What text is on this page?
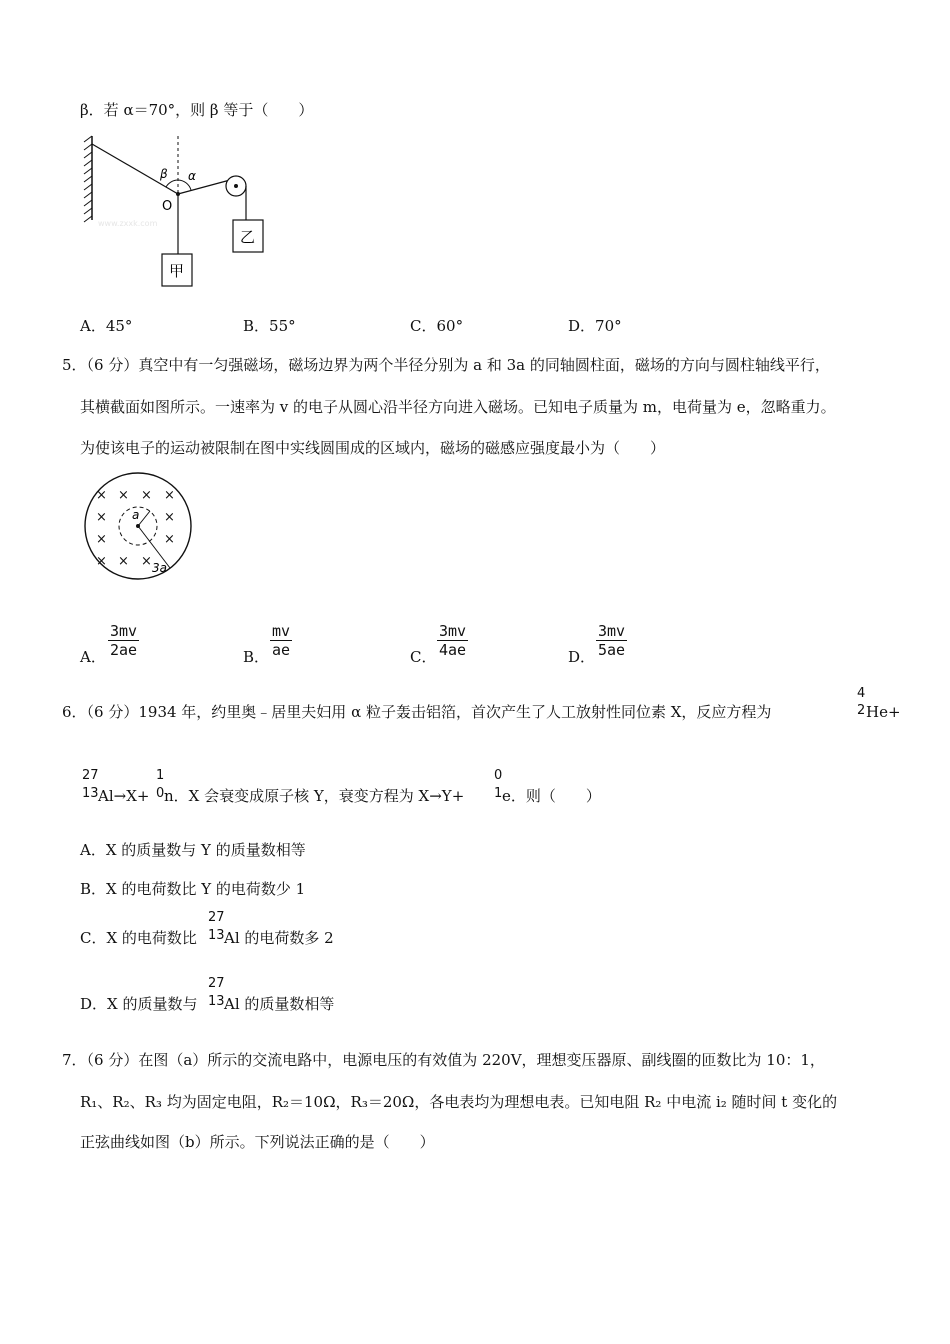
β．若 α＝70°，则 β 等于（　　）
β α
O
www.zxxk.com
乙
甲
A．45°	B．55°	C．60°	D．70°
5．（6 分）真空中有一匀强磁场，磁场边界为两个半径分别为 a 和 3a 的同轴圆柱面，磁场的方向与圆柱轴线平行，
其横截面如图所示。一速率为 v 的电子从圆心沿半径方向进入磁场。已知电子质量为 m，电荷量为 e，忽略重力。
为使该电子的运动被限制在图中实线圆围成的区域内，磁场的磁感应强度最小为（　　）
× × × ×
×	×
×	×
× × ×
a
3a
A． $\frac{3mv}{2ae}$	B． $\frac{mv}{ae}$	C． $\frac{3mv}{4ae}$	D． $\frac{3mv}{5ae}$
6．（6 分）1934 年，约里奥﹣居里夫妇用 α 粒子轰击铝箔，首次产生了人工放射性同位素 X，反应方程为
4
2 He+
27
13 Al→X+
1
0 n．X 会衰变成原子核 Y，衰变方程为 X→Y+
0
1 e．则（　　）
A．X 的质量数与 Y 的质量数相等
B．X 的电荷数比 Y 的电荷数少 1
C．X 的电荷数比
27
13 Al 的电荷数多 2
D．X 的质量数与
27
13 Al 的质量数相等
7．（6 分）在图（a）所示的交流电路中，电源电压的有效值为 220V，理想变压器原、副线圈的匝数比为 10：1，
R₁、R₂、R₃ 均为固定电阻，R₂＝10Ω，R₃＝20Ω，各电表均为理想电表。已知电阻 R₂ 中电流 i₂ 随时间 t 变化的
正弦曲线如图（b）所示。下列说法正确的是（　　）
